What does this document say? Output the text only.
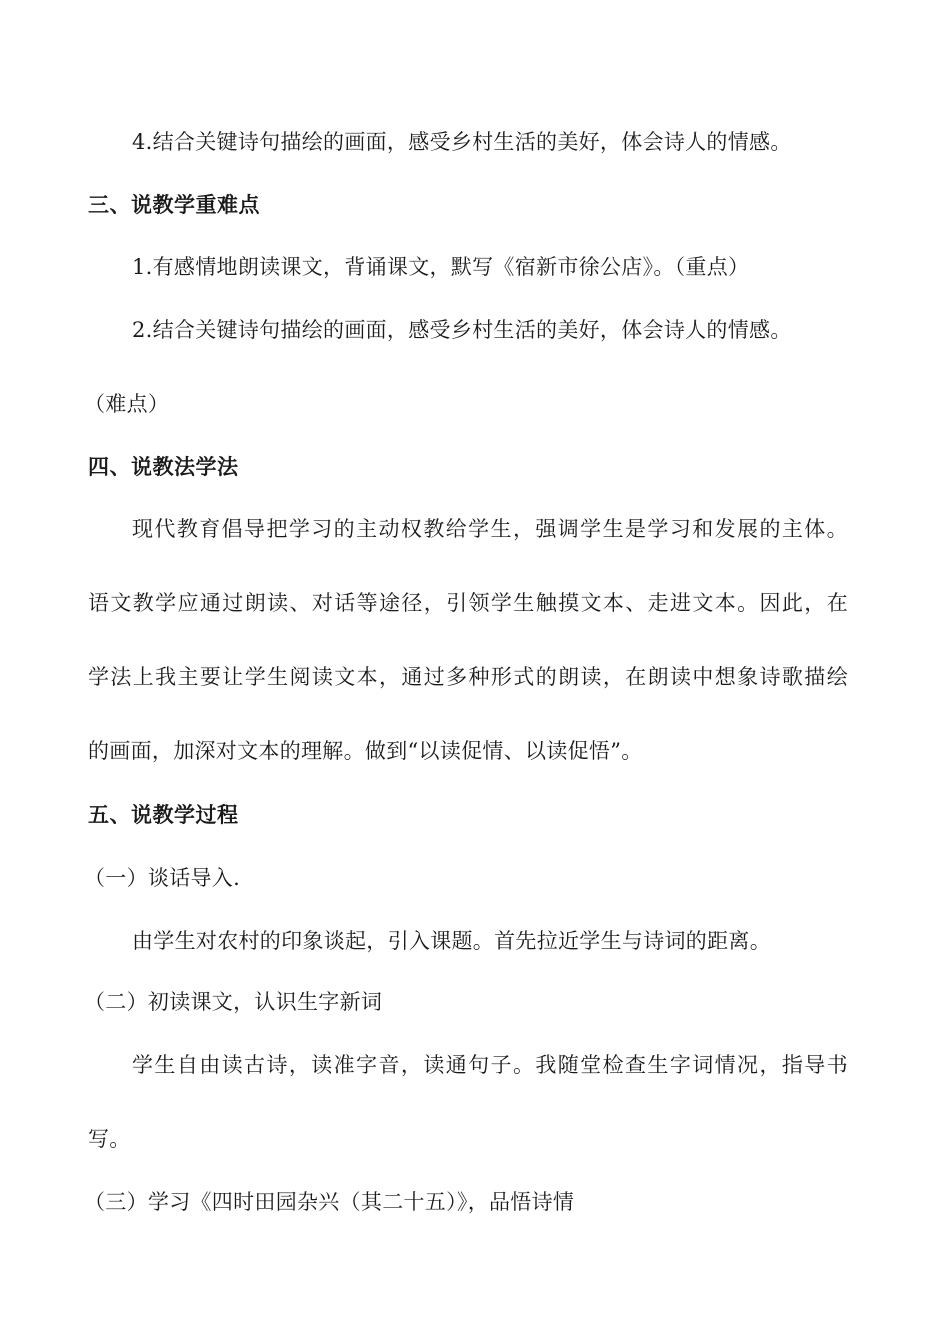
4.结合关键诗句描绘的画面，感受乡村生活的美好，体会诗人的情感。
三、说教学重难点
1.有感情地朗读课文，背诵课文，默写《宿新市徐公店》。（重点）
2.结合关键诗句描绘的画面，感受乡村生活的美好，体会诗人的情感。
（难点）
四、说教法学法
现代教育倡导把学习的主动权教给学生，强调学生是学习和发展的主体。
语文教学应通过朗读、对话等途径，引领学生触摸文本、走进文本。因此，在
学法上我主要让学生阅读文本，通过多种形式的朗读，在朗读中想象诗歌描绘
的画面，加深对文本的理解。做到“以读促情、以读促悟”。
五、说教学过程
（一）谈话导入.
由学生对农村的印象谈起，引入课题。首先拉近学生与诗词的距离。
（二）初读课文，认识生字新词
学生自由读古诗，读准字音，读通句子。我随堂检查生字词情况，指导书
写。
（三）学习《四时田园杂兴（其二十五）》，品悟诗情
